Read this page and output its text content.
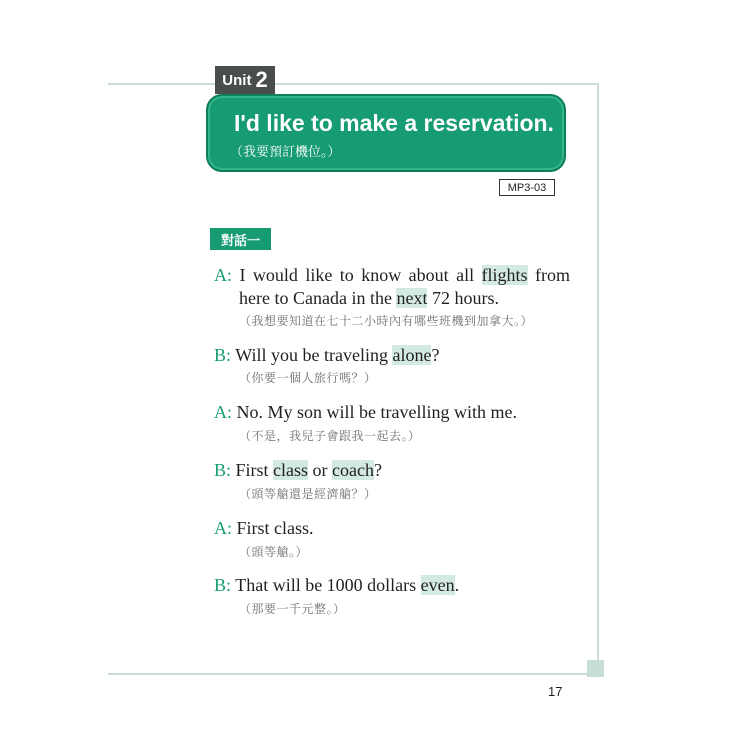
Unit 2
I'd like to make a reservation.
（我要預訂機位。）
MP3-03
對話一
A: I would like to know about all flights from
here to Canada in the next 72 hours.
（我想要知道在七十二小時內有哪些班機到加拿大。）
B: Will you be traveling alone?
（你要一個人旅行嗎？）
A: No. My son will be travelling with me.
（不是，我兒子會跟我一起去。）
B: First class or coach?
（頭等艙還是經濟艙？）
A: First class.
（頭等艙。）
B: That will be 1000 dollars even.
（那要一千元整。）
17
